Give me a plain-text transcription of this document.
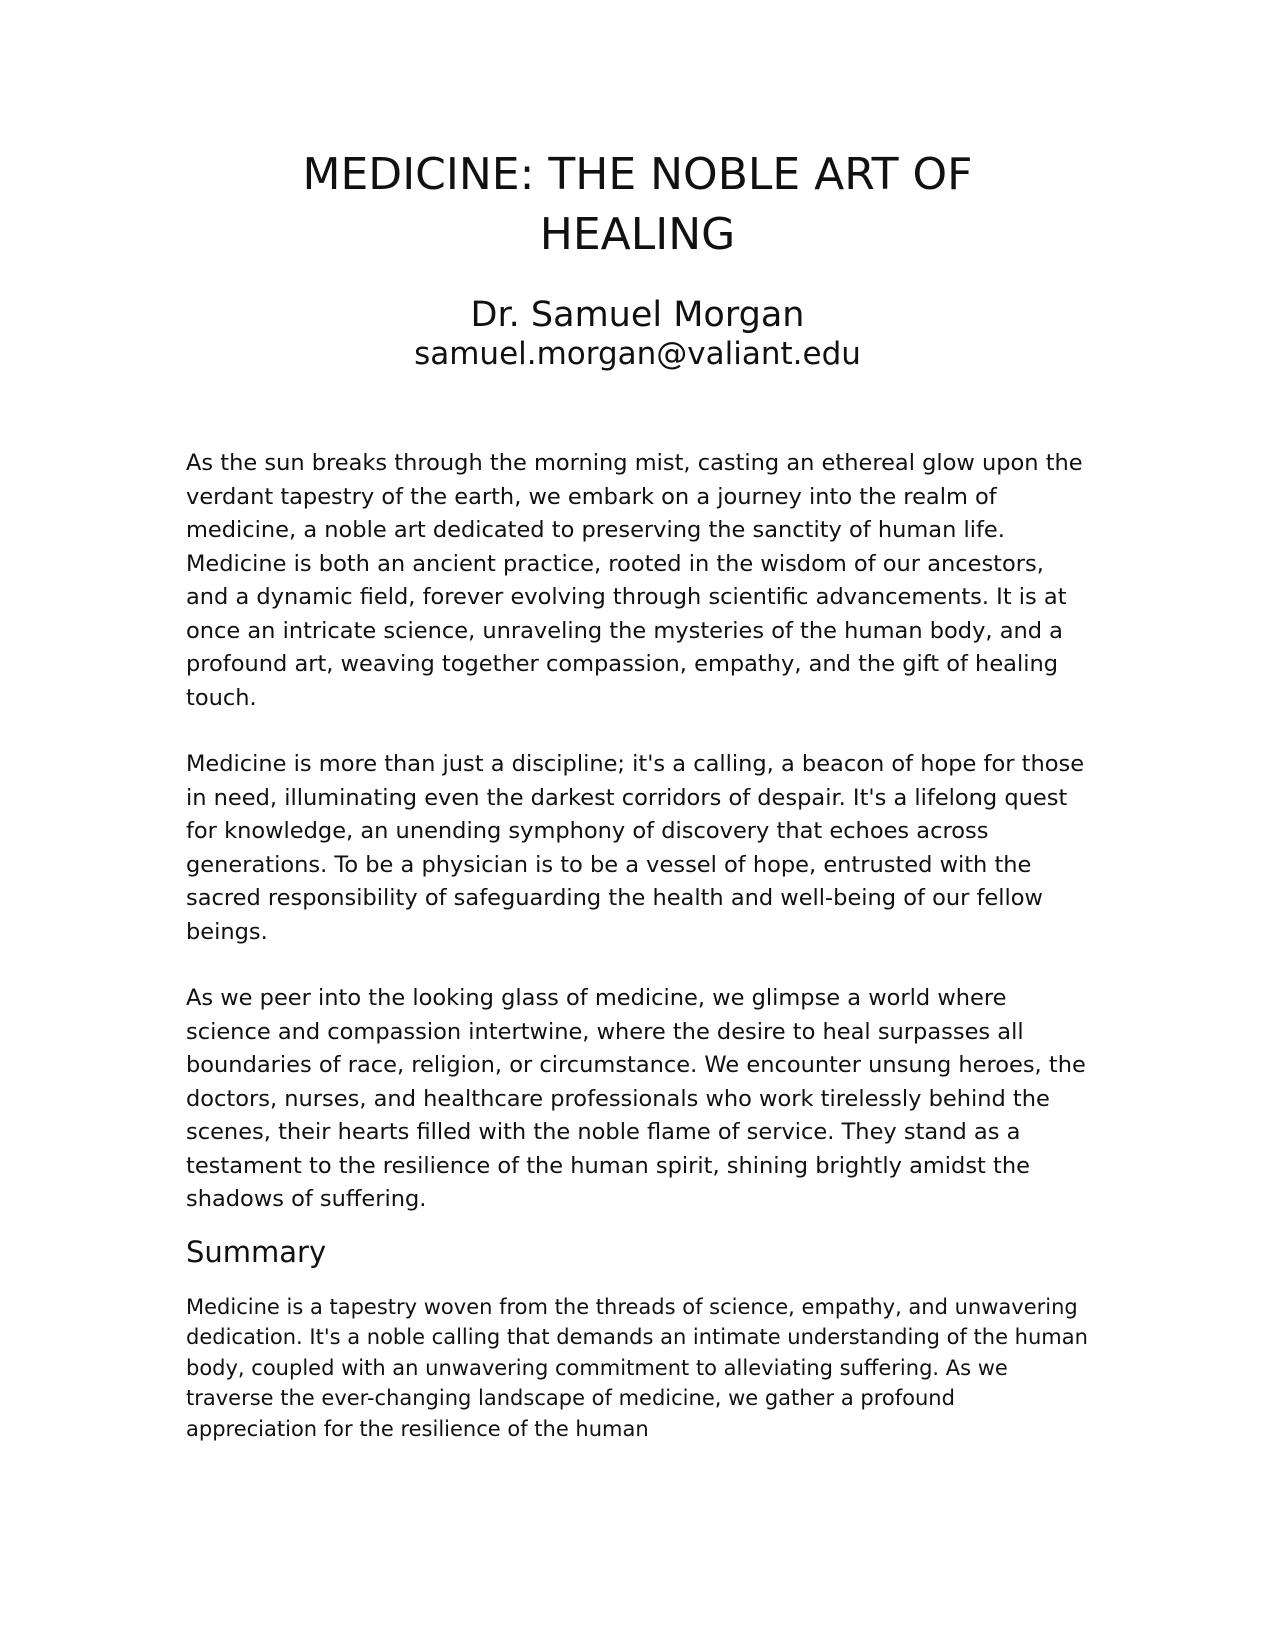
MEDICINE: THE NOBLE ART OF HEALING

Dr. Samuel Morgan

samuel.morgan@valiant.edu

As the sun breaks through the morning mist, casting an ethereal glow upon the verdant tapestry of the earth, we embark on a journey into the realm of medicine, a noble art dedicated to preserving the sanctity of human life. Medicine is both an ancient practice, rooted in the wisdom of our ancestors, and a dynamic field, forever evolving through scientific advancements. It is at once an intricate science, unraveling the mysteries of the human body, and a profound art, weaving together compassion, empathy, and the gift of healing touch.

Medicine is more than just a discipline; it's a calling, a beacon of hope for those in need, illuminating even the darkest corridors of despair. It's a lifelong quest for knowledge, an unending symphony of discovery that echoes across generations. To be a physician is to be a vessel of hope, entrusted with the sacred responsibility of safeguarding the health and well-being of our fellow beings.

As we peer into the looking glass of medicine, we glimpse a world where science and compassion intertwine, where the desire to heal surpasses all boundaries of race, religion, or circumstance. We encounter unsung heroes, the doctors, nurses, and healthcare professionals who work tirelessly behind the scenes, their hearts filled with the noble flame of service. They stand as a testament to the resilience of the human spirit, shining brightly amidst the shadows of suffering.

Summary

Medicine is a tapestry woven from the threads of science, empathy, and unwavering dedication. It's a noble calling that demands an intimate understanding of the human body, coupled with an unwavering commitment to alleviating suffering. As we traverse the ever-changing landscape of medicine, we gather a profound appreciation for the resilience of the human
